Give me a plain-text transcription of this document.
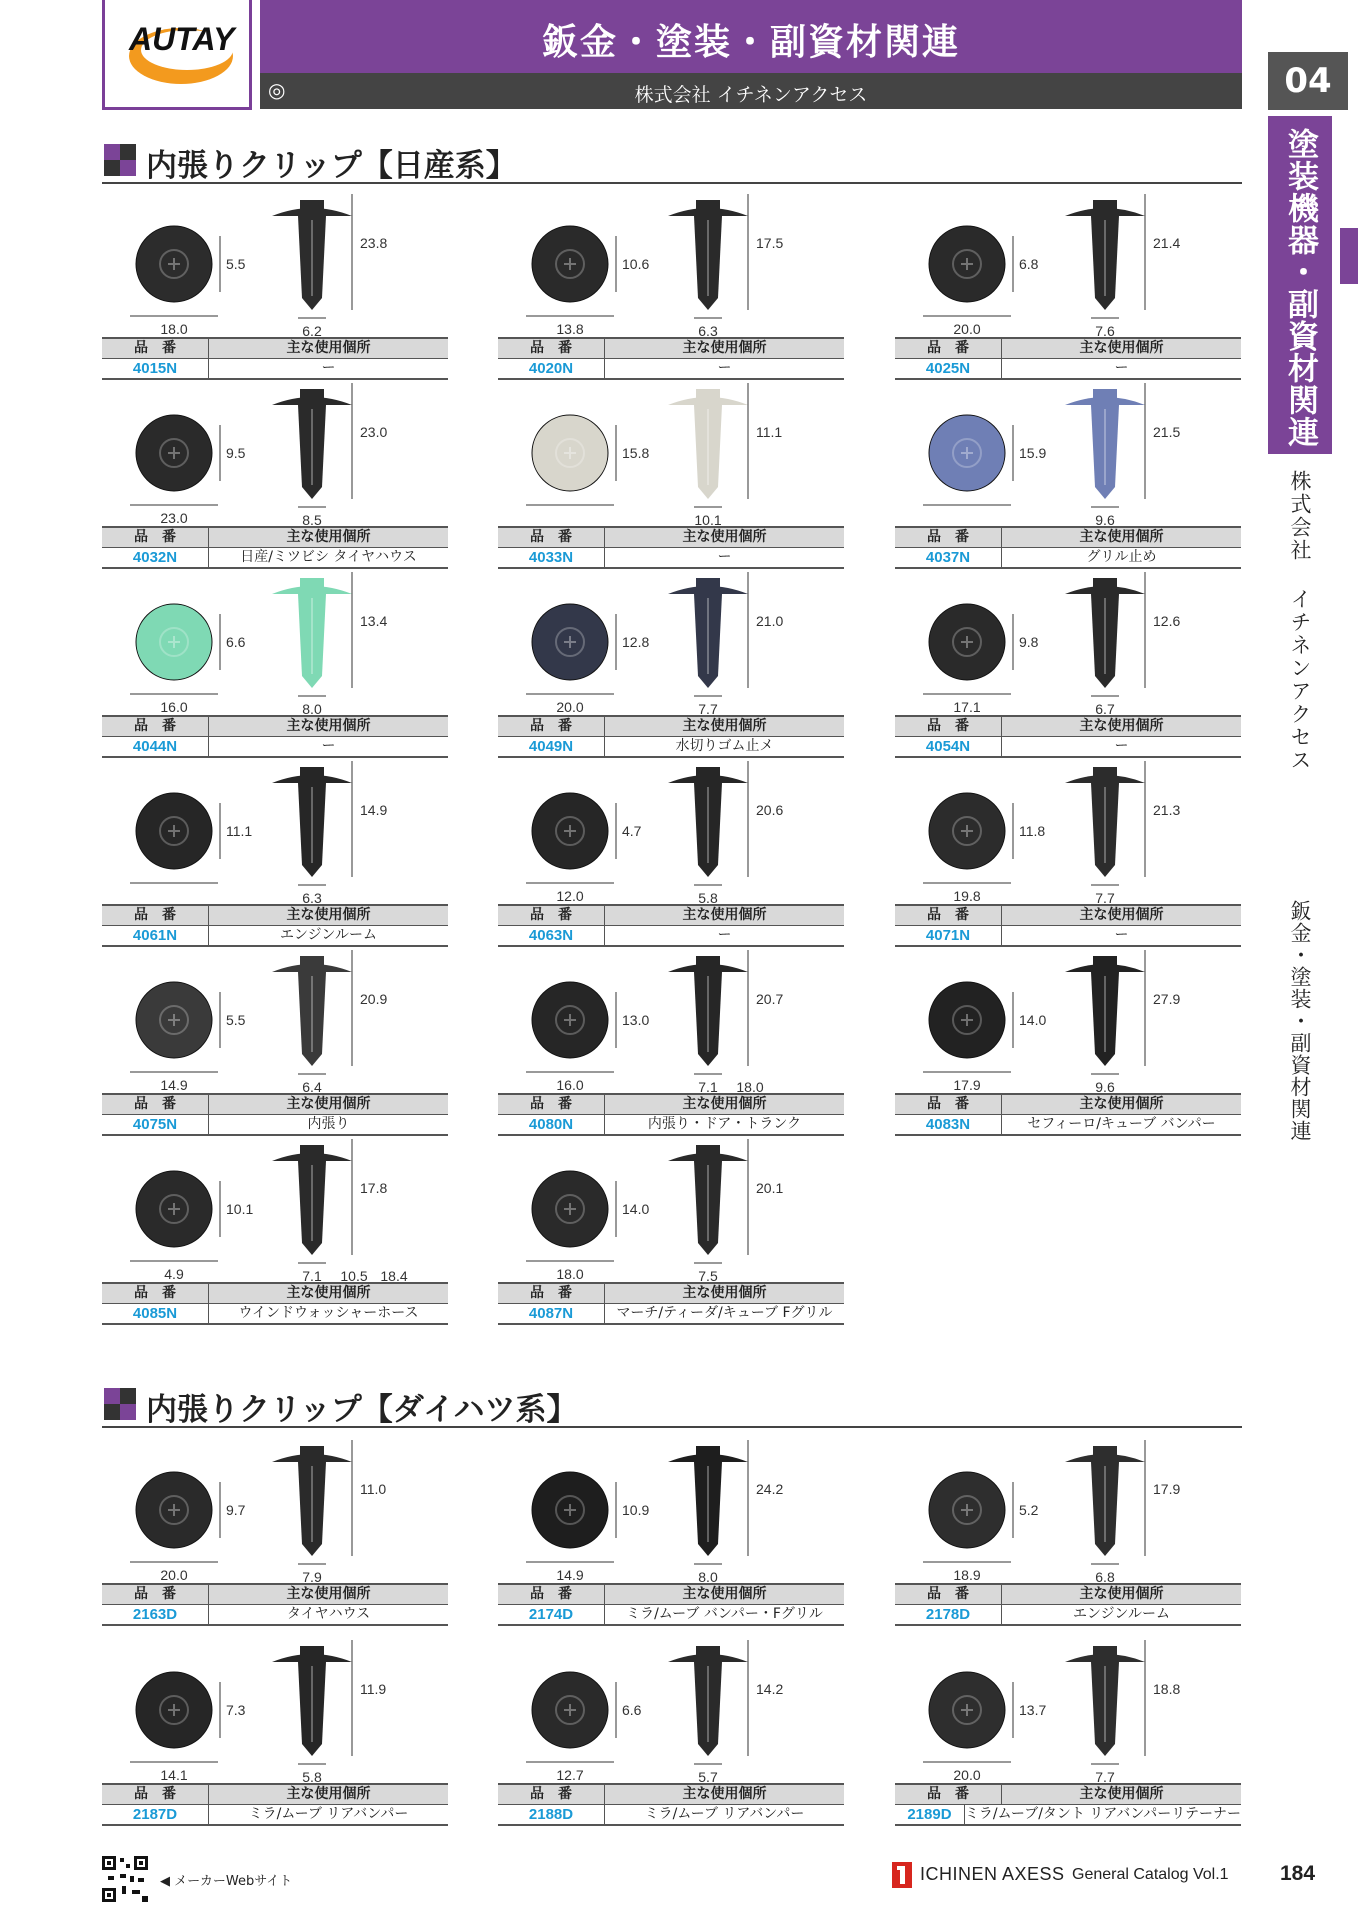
AUTAY	鈑金・塗装・副資材関連
◎	株式会社 イチネンアクセス	04
塗装機器・副資材関連
株式会社 イチネンアクセス
鈑金・塗装・副資材関連
内張りクリップ【日産系】
5.5
18.0
23.8
6.2
品　番	主な使用個所
4015N	ー
10.6
13.8
17.5
6.3
品　番	主な使用個所
4020N	ー
6.8
20.0
21.4
7.6
品　番	主な使用個所
4025N	ー
9.5
23.0
23.0
8.5
品　番	主な使用個所
4032N	日産/ミツビシ タイヤハウス
15.8
11.1
10.1
品　番	主な使用個所
4033N	ー
15.9
21.5
9.6
品　番	主な使用個所
4037N	グリル止め
6.6
16.0
13.4
8.0
品　番	主な使用個所
4044N	ー
12.8
20.0
21.0
7.7
品　番	主な使用個所
4049N	水切りゴム止メ
9.8
17.1
12.6
6.7
品　番	主な使用個所
4054N	ー
11.1
14.9
6.3
品　番	主な使用個所
4061N	エンジンルーム
4.7
12.0
20.6
5.8
品　番	主な使用個所
4063N	ー
11.8
19.8
21.3
7.7
品　番	主な使用個所
4071N	ー
5.5
14.9
20.9
6.4
品　番	主な使用個所
4075N	内張り
13.0
16.0
20.7
7.1 18.0
品　番	主な使用個所
4080N	内張り・ドア・トランク
14.0
17.9
27.9
9.6
品　番	主な使用個所
4083N	セフィーロ/キューブ バンパー
10.1
4.9
17.8
7.1 10.5 18.4
品　番	主な使用個所
4085N	ウインドウォッシャーホース
14.0
18.0
20.1
7.5
品　番	主な使用個所
4087N	マーチ/ティーダ/キューブ Fグリル
内張りクリップ【ダイハツ系】
9.7
20.0
11.0
7.9
品　番	主な使用個所
2163D	タイヤハウス
10.9
14.9
24.2
8.0
品　番	主な使用個所
2174D	ミラ/ムーブ バンパー・Fグリル
5.2
18.9
17.9
6.8
品　番	主な使用個所
2178D	エンジンルーム
7.3
14.1
11.9
5.8
品　番	主な使用個所
2187D	ミラ/ムーブ リアバンパー
6.6
12.7
14.2
5.7
品　番	主な使用個所
2188D	ミラ/ムーブ リアバンパー
13.7
20.0
18.8
7.7
品　番	主な使用個所
2189D ミラ/ムーブ/タント リアバンパーリテーナー
◀ メーカーWebサイト	ICHINEN AXESS General Catalog Vol.1 184
